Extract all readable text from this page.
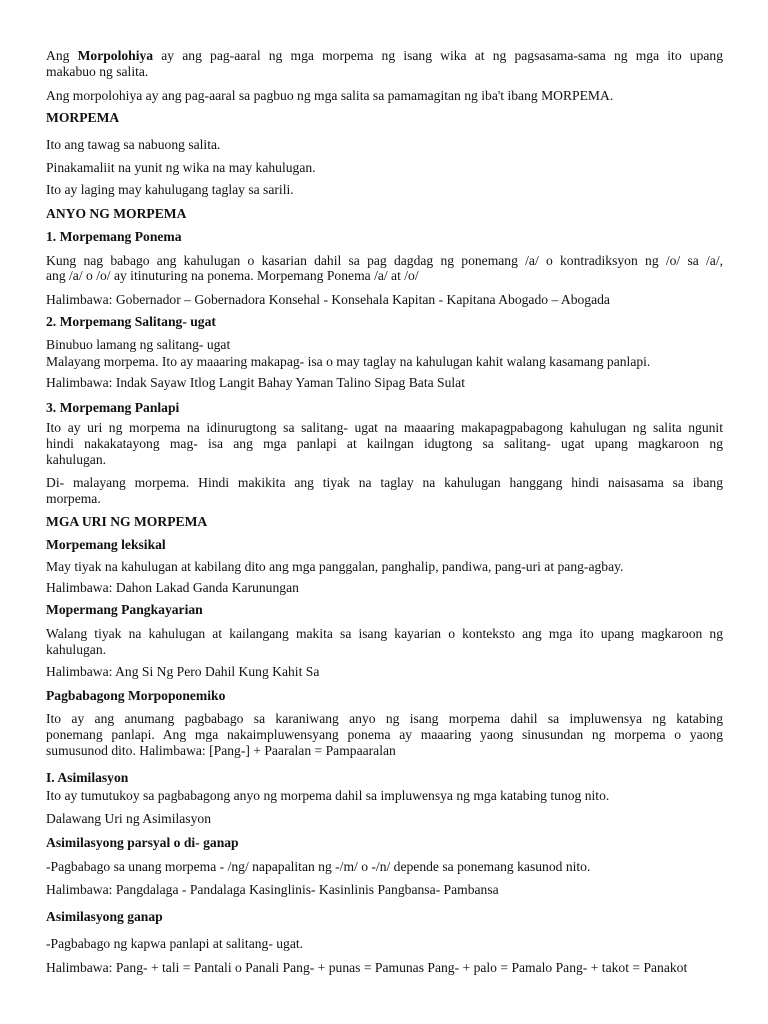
Ang Morpolohiya ay ang pag-aaral ng mga morpema ng isang wika at ng pagsasama-sama ng mga ito upang
makabuo ng salita.
Ang morpolohiya ay ang pag-aaral sa pagbuo ng mga salita sa pamamagitan ng iba't ibang MORPEMA.
MORPEMA
Ito ang tawag sa nabuong salita.
Pinakamaliit na yunit ng wika na may kahulugan.
Ito ay laging may kahulugang taglay sa sarili.
ANYO NG MORPEMA
1. Morpemang Ponema
Kung nag babago ang kahulugan o kasarian dahil sa pag dagdag ng ponemang /a/ o kontradiksyon ng /o/ sa /a/,
ang /a/ o /o/ ay itinuturing na ponema. Morpemang Ponema /a/ at /o/
Halimbawa: Gobernador – Gobernadora Konsehal - Konsehala Kapitan - Kapitana Abogado – Abogada
2. Morpemang Salitang- ugat
Binubuo lamang ng salitang- ugat
Malayang morpema. Ito ay maaaring makapag- isa o may taglay na kahulugan kahit walang kasamang panlapi.
Halimbawa: Indak Sayaw Itlog Langit Bahay Yaman Talino Sipag Bata Sulat
3. Morpemang Panlapi
Ito ay uri ng morpema na idinurugtong sa salitang- ugat na maaaring makapagpabagong kahulugan ng salita ngunit
hindi nakakatayong mag- isa ang mga panlapi at kailngan idugtong sa salitang- ugat upang magkaroon ng
kahulugan.
Di- malayang morpema. Hindi makikita ang tiyak na taglay na kahulugan hanggang hindi naisasama sa ibang
morpema.
MGA URI NG MORPEMA
Morpemang leksikal
May tiyak na kahulugan at kabilang dito ang mga panggalan, panghalip, pandiwa, pang-uri at pang-agbay.
Halimbawa: Dahon Lakad Ganda Karunungan
Mopermang Pangkayarian
Walang tiyak na kahulugan at kailangang makita sa isang kayarian o konteksto ang mga ito upang magkaroon ng
kahulugan.
Halimbawa: Ang Si Ng Pero Dahil Kung Kahit Sa
Pagbabagong Morpoponemiko
Ito ay ang anumang pagbabago sa karaniwang anyo ng isang morpema dahil sa impluwensya ng katabing
ponemang panlapi. Ang mga nakaimpluwensyang ponema ay maaaring yaong sinusundan ng morpema o yaong
sumusunod dito. Halimbawa: [Pang-] + Paaralan = Pampaaralan
I. Asimilasyon
Ito ay tumutukoy sa pagbabagong anyo ng morpema dahil sa impluwensya ng mga katabing tunog nito.
Dalawang Uri ng Asimilasyon
Asimilasyong parsyal o di- ganap
-Pagbabago sa unang morpema - /ng/ napapalitan ng -/m/ o -/n/ depende sa ponemang kasunod nito.
Halimbawa: Pangdalaga - Pandalaga Kasinglinis- Kasinlinis Pangbansa- Pambansa
Asimilasyong ganap
-Pagbabago ng kapwa panlapi at salitang- ugat.
Halimbawa: Pang- + tali = Pantali o Panali Pang- + punas = Pamunas Pang- + palo = Pamalo Pang- + takot = Panakot
